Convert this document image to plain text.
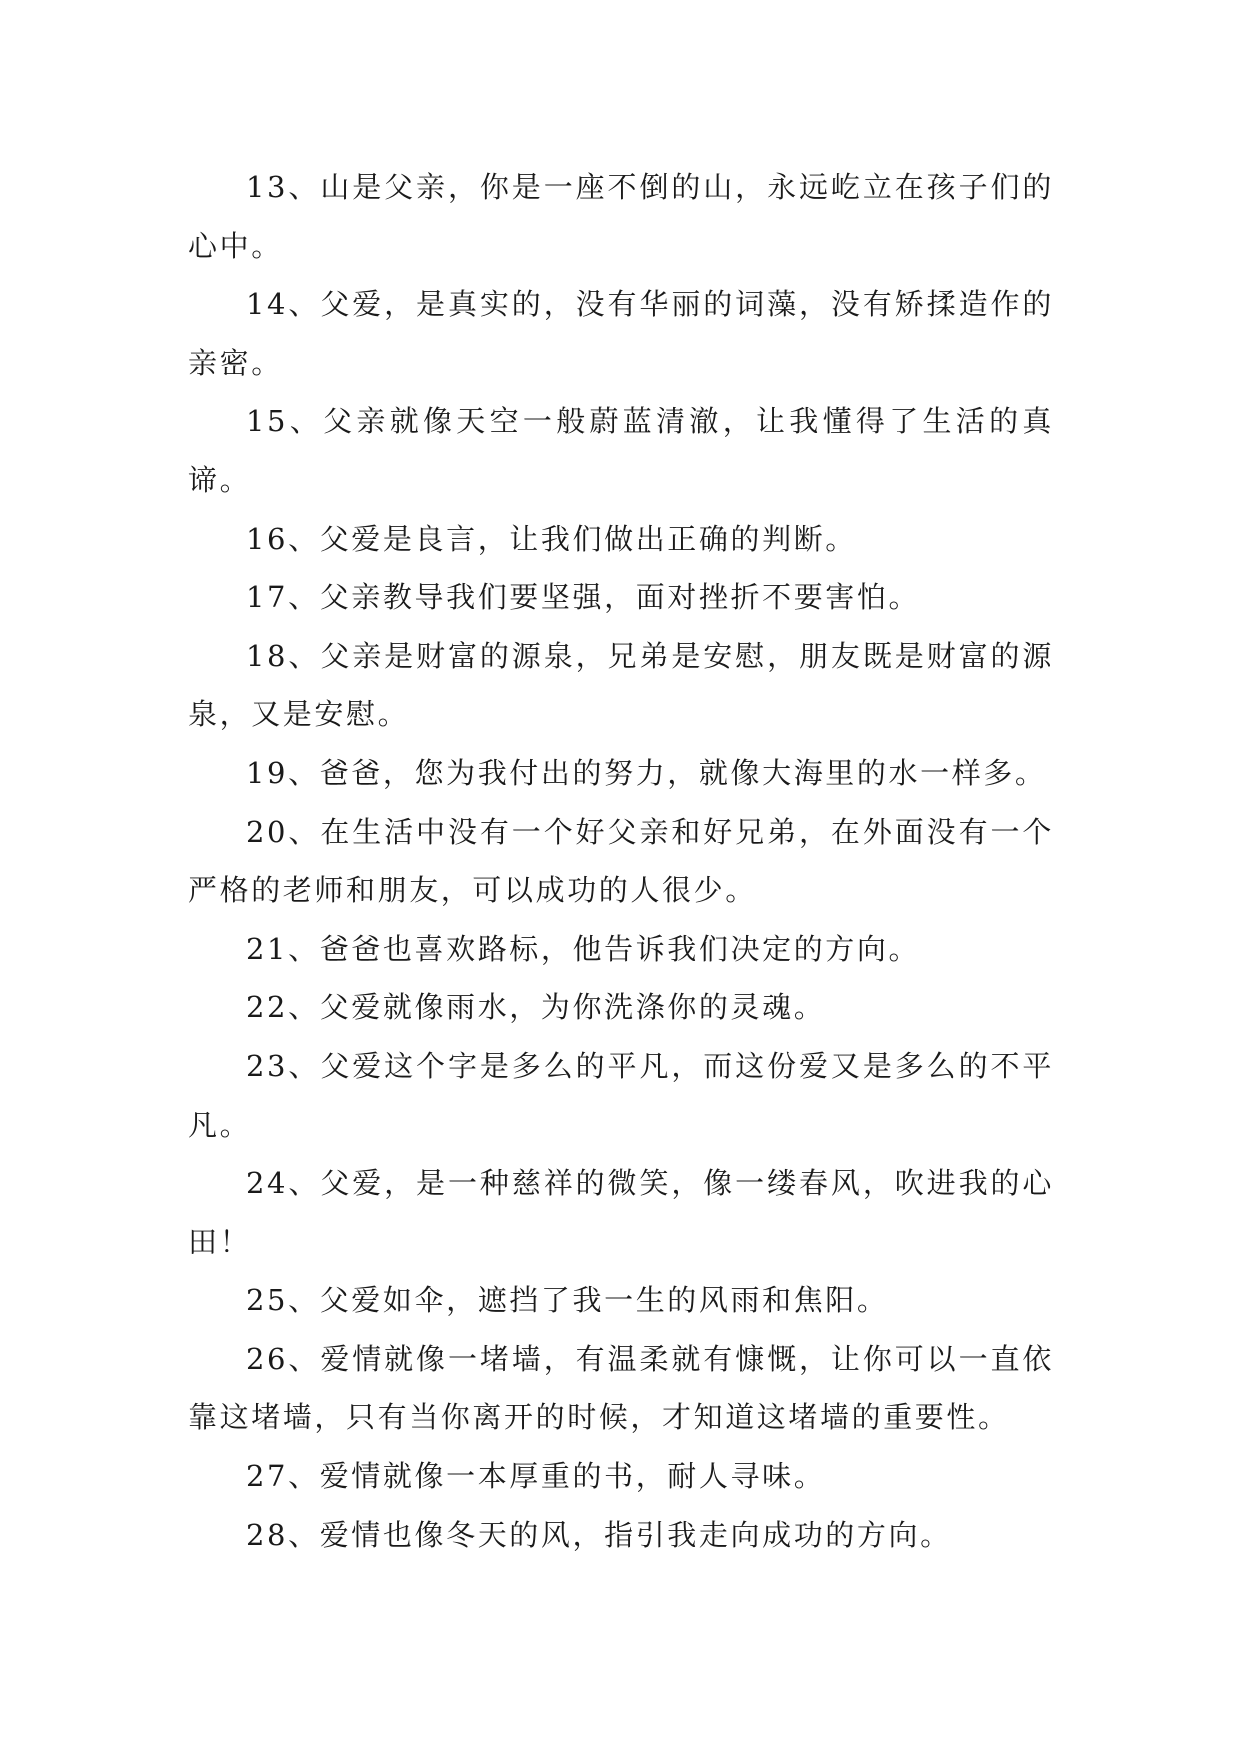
13、山是父亲，你是一座不倒的山，永远屹立在孩子们的心中。

14、父爱，是真实的，没有华丽的词藻，没有矫揉造作的亲密。

15、父亲就像天空一般蔚蓝清澈，让我懂得了生活的真谛。

16、父爱是良言，让我们做出正确的判断。

17、父亲教导我们要坚强，面对挫折不要害怕。

18、父亲是财富的源泉，兄弟是安慰，朋友既是财富的源泉，又是安慰。

19、爸爸，您为我付出的努力，就像大海里的水一样多。

20、在生活中没有一个好父亲和好兄弟，在外面没有一个严格的老师和朋友，可以成功的人很少。

21、爸爸也喜欢路标，他告诉我们决定的方向。

22、父爱就像雨水，为你洗涤你的灵魂。

23、父爱这个字是多么的平凡，而这份爱又是多么的不平凡。

24、父爱，是一种慈祥的微笑，像一缕春风，吹进我的心田！

25、父爱如伞，遮挡了我一生的风雨和焦阳。

26、爱情就像一堵墙，有温柔就有慷慨，让你可以一直依靠这堵墙，只有当你离开的时候，才知道这堵墙的重要性。

27、爱情就像一本厚重的书，耐人寻味。

28、爱情也像冬天的风，指引我走向成功的方向。
